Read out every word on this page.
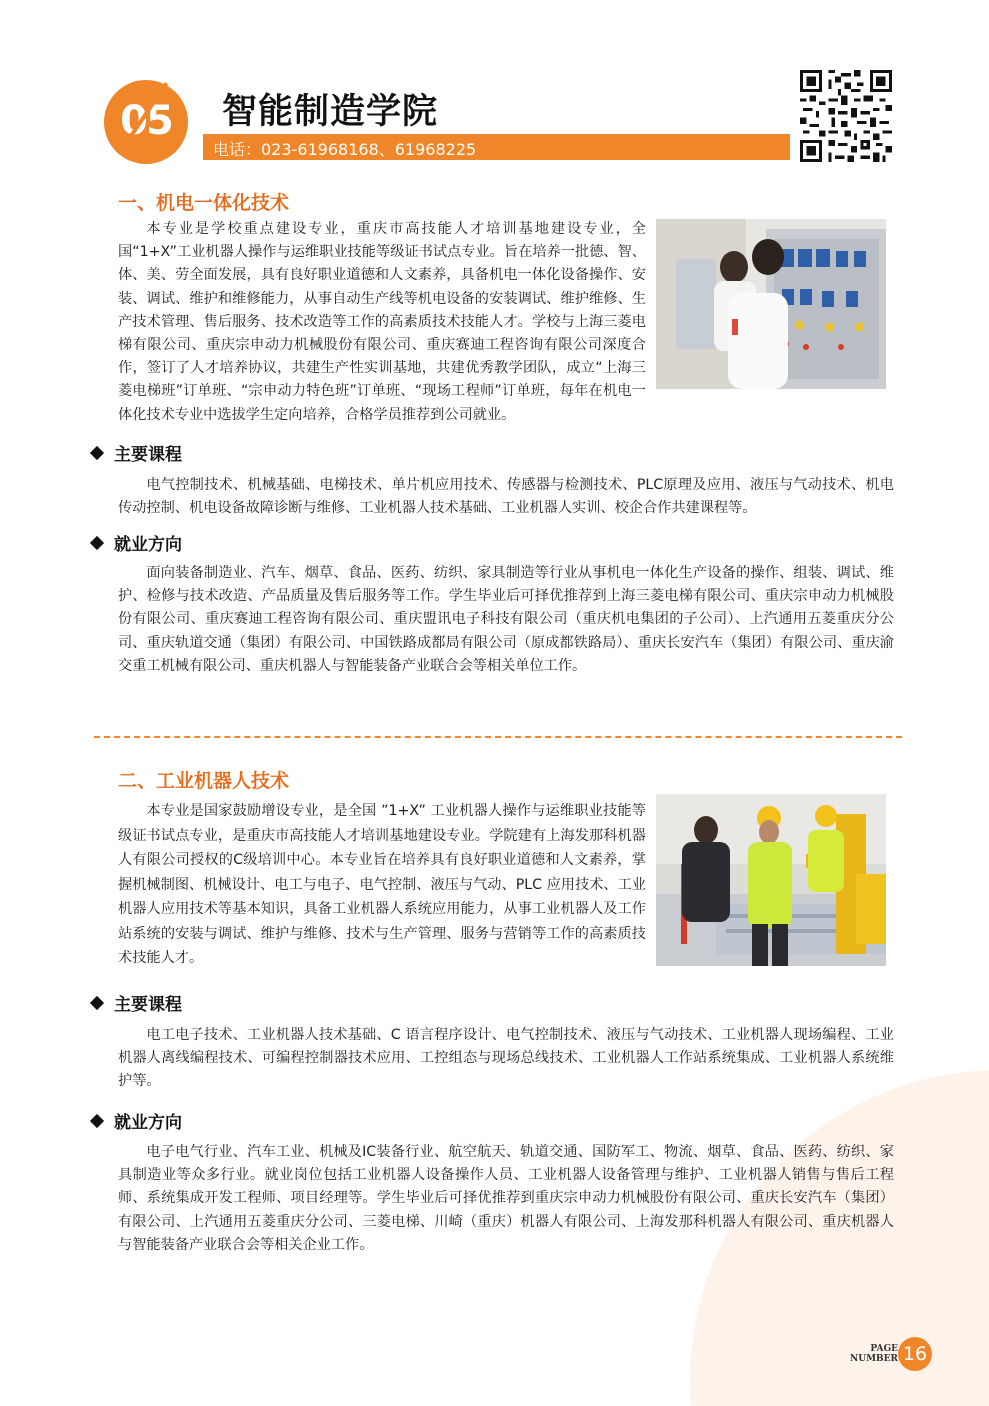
05	智能制造学院
电话：023-61968168、61968225
一、机电一体化技术
本专业是学校重点建设专业，重庆市高技能人才培训基地建设专业，全国“1+X”工业机器人操作与运维职业技能等级证书试点专业。旨在培养一批德、智、体、美、劳全面发展，具有良好职业道德和人文素养，具备机电一体化设备操作、安装、调试、维护和维修能力，从事自动生产线等机电设备的安装调试、维护维修、生产技术管理、售后服务、技术改造等工作的高素质技术技能人才。学校与上海三菱电梯有限公司、重庆宗申动力机械股份有限公司、重庆赛迪工程咨询有限公司深度合作，签订了人才培养协议，共建生产性实训基地，共建优秀教学团队，成立“上海三菱电梯班”订单班、“宗申动力特色班”订单班、“现场工程师”订单班，每年在机电一体化技术专业中选拔学生定向培养，合格学员推荐到公司就业。
主要课程
电气控制技术、机械基础、电梯技术、单片机应用技术、传感器与检测技术、PLC原理及应用、液压与气动技术、机电传动控制、机电设备故障诊断与维修、工业机器人技术基础、工业机器人实训、校企合作共建课程等。
就业方向
面向装备制造业、汽车、烟草、食品、医药、纺织、家具制造等行业从事机电一体化生产设备的操作、组装、调试、维护、检修与技术改造、产品质量及售后服务等工作。学生毕业后可择优推荐到上海三菱电梯有限公司、重庆宗申动力机械股份有限公司、重庆赛迪工程咨询有限公司、重庆盟讯电子科技有限公司（重庆机电集团的子公司）、上汽通用五菱重庆分公司、重庆轨道交通（集团）有限公司、中国铁路成都局有限公司（原成都铁路局）、重庆长安汽车（集团）有限公司、重庆渝交重工机械有限公司、重庆机器人与智能装备产业联合会等相关单位工作。
二、工业机器人技术
本专业是国家鼓励增设专业，是全国 ”1+X” 工业机器人操作与运维职业技能等级证书试点专业，是重庆市高技能人才培训基地建设专业。学院建有上海发那科机器人有限公司授权的C级培训中心。本专业旨在培养具有良好职业道德和人文素养，掌握机械制图、机械设计、电工与电子、电气控制、液压与气动、PLC 应用技术、工业机器人应用技术等基本知识，具备工业机器人系统应用能力，从事工业机器人及工作站系统的安装与调试、维护与维修、技术与生产管理、服务与营销等工作的高素质技术技能人才。
主要课程
电工电子技术、工业机器人技术基础、C 语言程序设计、电气控制技术、液压与气动技术、工业机器人现场编程、工业机器人离线编程技术、可编程控制器技术应用、工控组态与现场总线技术、工业机器人工作站系统集成、工业机器人系统维护等。
就业方向
电子电气行业、汽车工业、机械及IC装备行业、航空航天、轨道交通、国防军工、物流、烟草、食品、医药、纺织、家具制造业等众多行业。就业岗位包括工业机器人设备操作人员、工业机器人设备管理与维护、工业机器人销售与售后工程师、系统集成开发工程师、项目经理等。学生毕业后可择优推荐到重庆宗申动力机械股份有限公司、重庆长安汽车（集团）有限公司、上汽通用五菱重庆分公司、三菱电梯、川崎（重庆）机器人有限公司、上海发那科机器人有限公司、重庆机器人与智能装备产业联合会等相关企业工作。
PAGE
NUMBER 16
